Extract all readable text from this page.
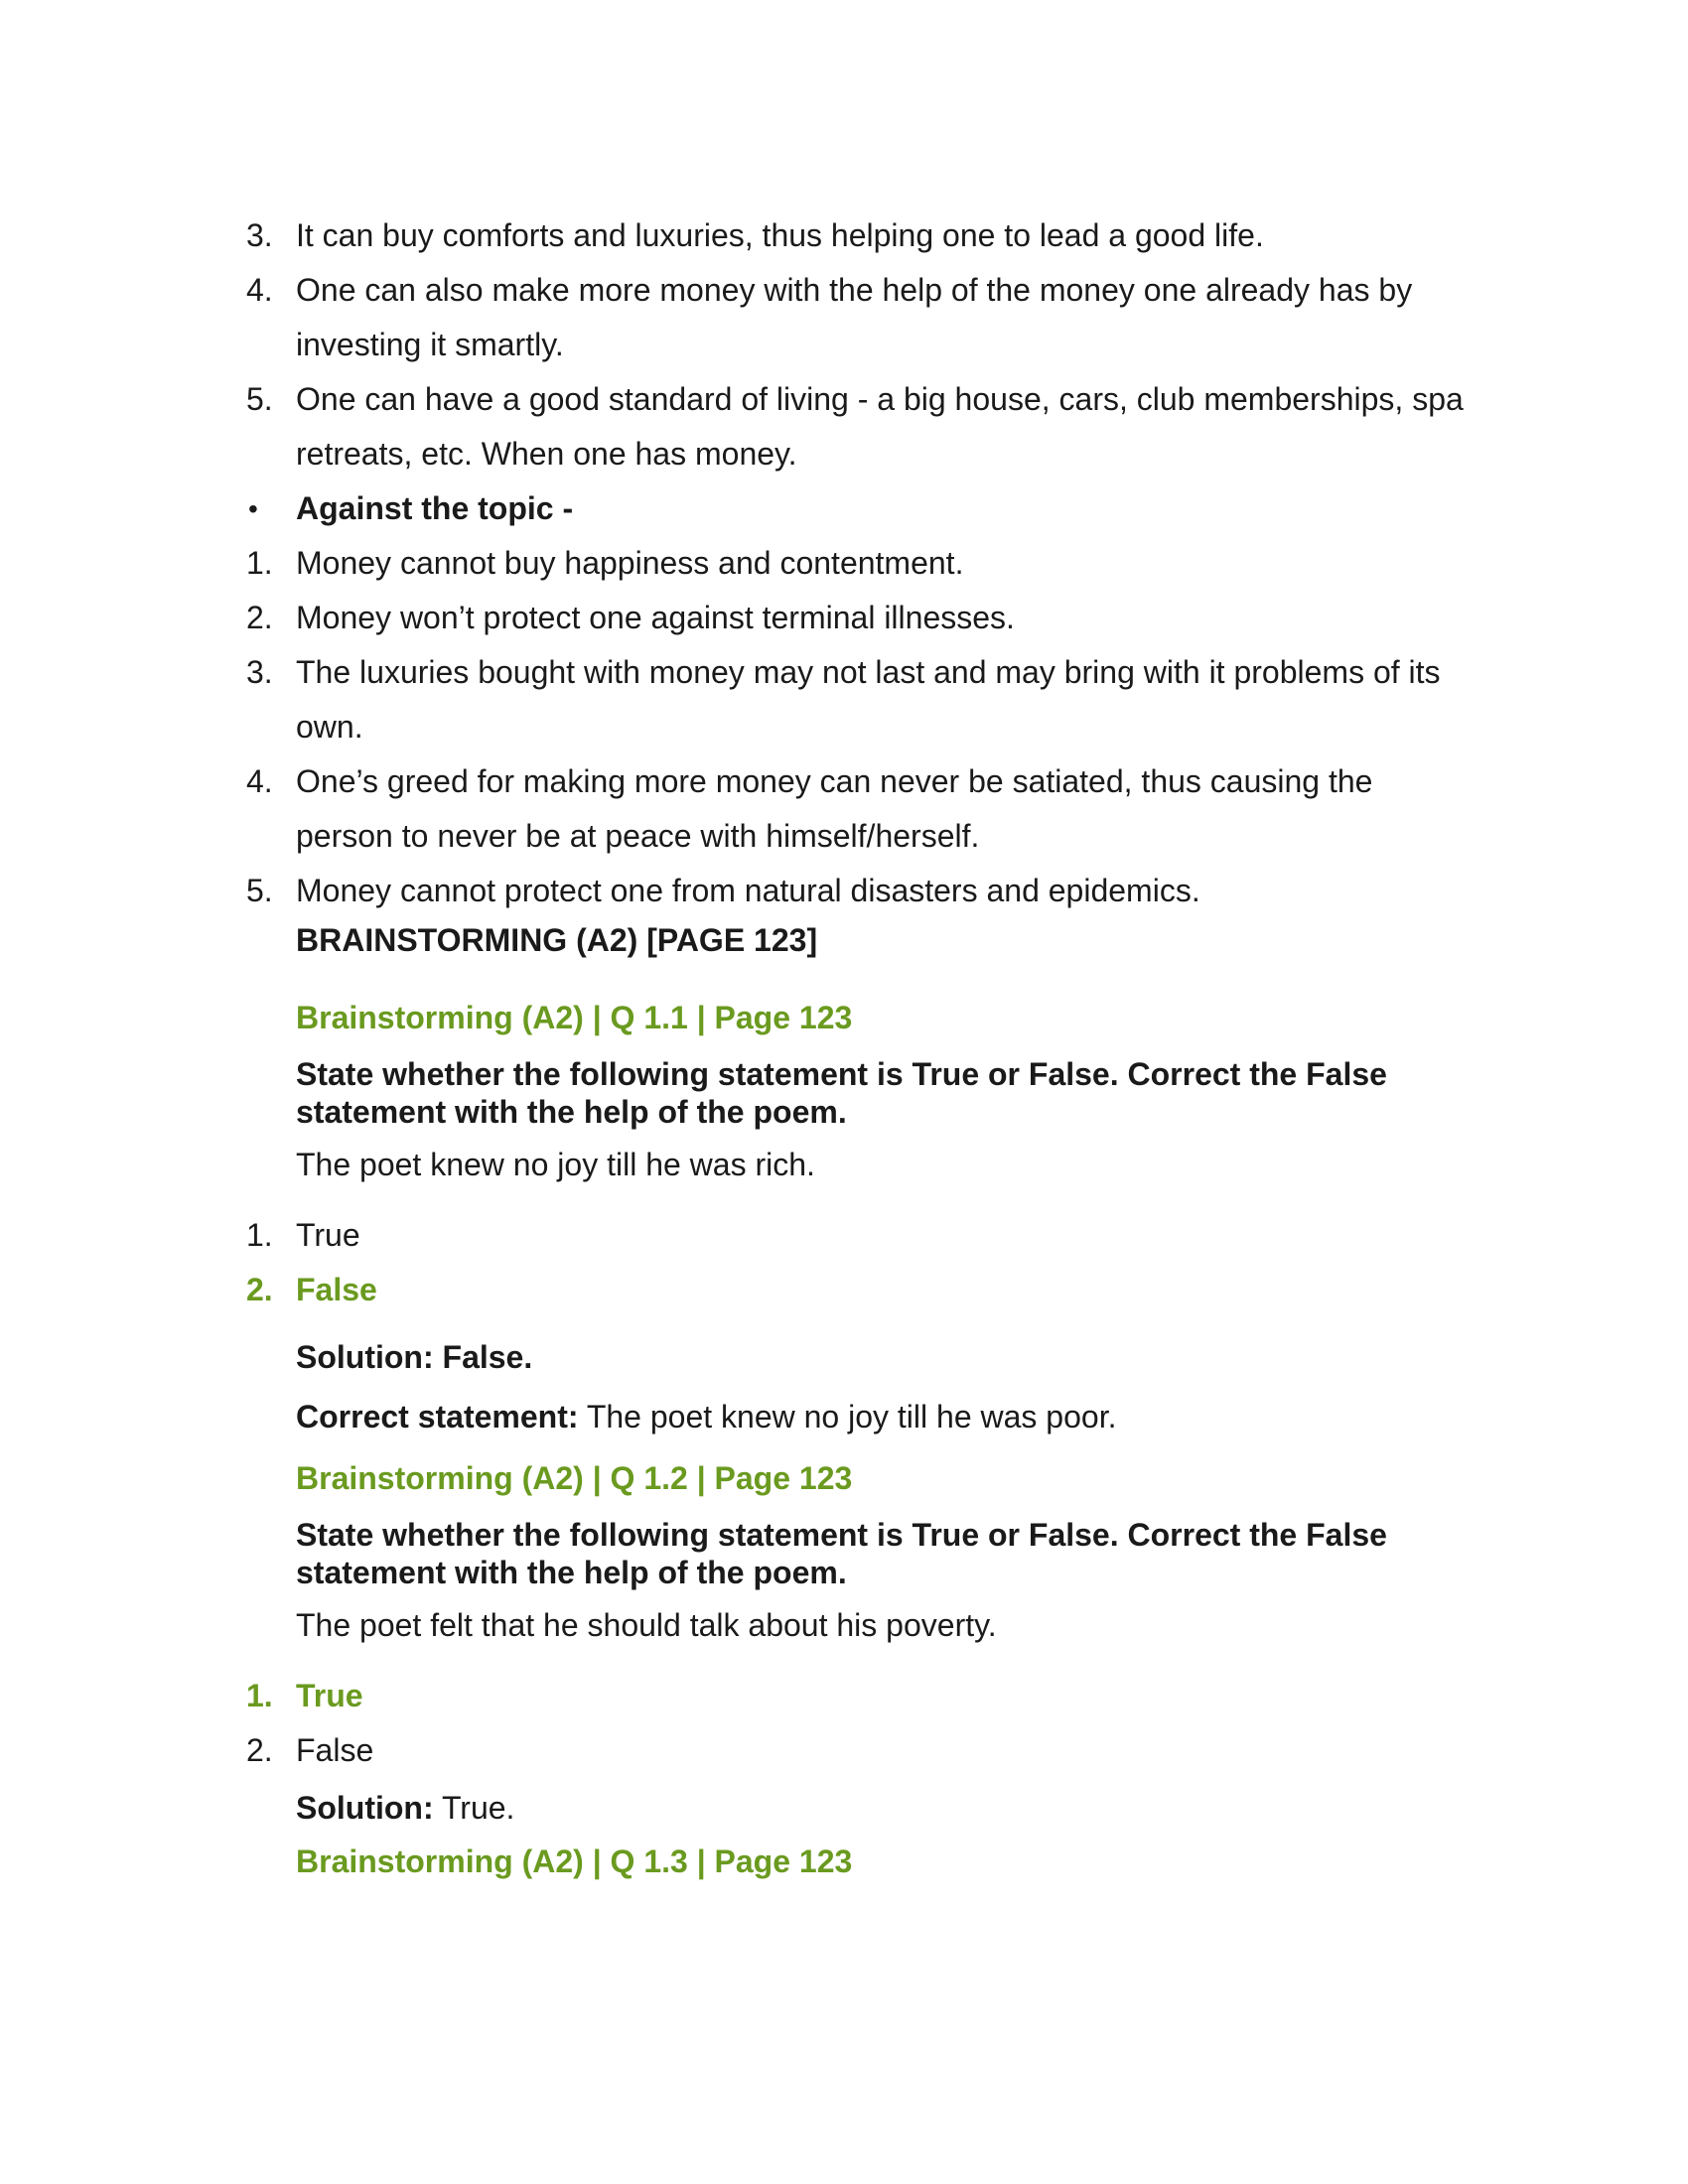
3. It can buy comforts and luxuries, thus helping one to lead a good life.
4. One can also make more money with the help of the money one already has by investing it smartly.
5. One can have a good standard of living - a big house, cars, club memberships, spa retreats, etc. When one has money.
• Against the topic -
1. Money cannot buy happiness and contentment.
2. Money won’t protect one against terminal illnesses.
3. The luxuries bought with money may not last and may bring with it problems of its own.
4. One’s greed for making more money can never be satiated, thus causing the person to never be at peace with himself/herself.
5. Money cannot protect one from natural disasters and epidemics.
BRAINSTORMING (A2) [PAGE 123]
Brainstorming (A2) | Q 1.1 | Page 123
State whether the following statement is True or False. Correct the False statement with the help of the poem.
The poet knew no joy till he was rich.
1. True
2. False
Solution: False.
Correct statement: The poet knew no joy till he was poor.
Brainstorming (A2) | Q 1.2 | Page 123
State whether the following statement is True or False. Correct the False statement with the help of the poem.
The poet felt that he should talk about his poverty.
1. True
2. False
Solution: True.
Brainstorming (A2) | Q 1.3 | Page 123
